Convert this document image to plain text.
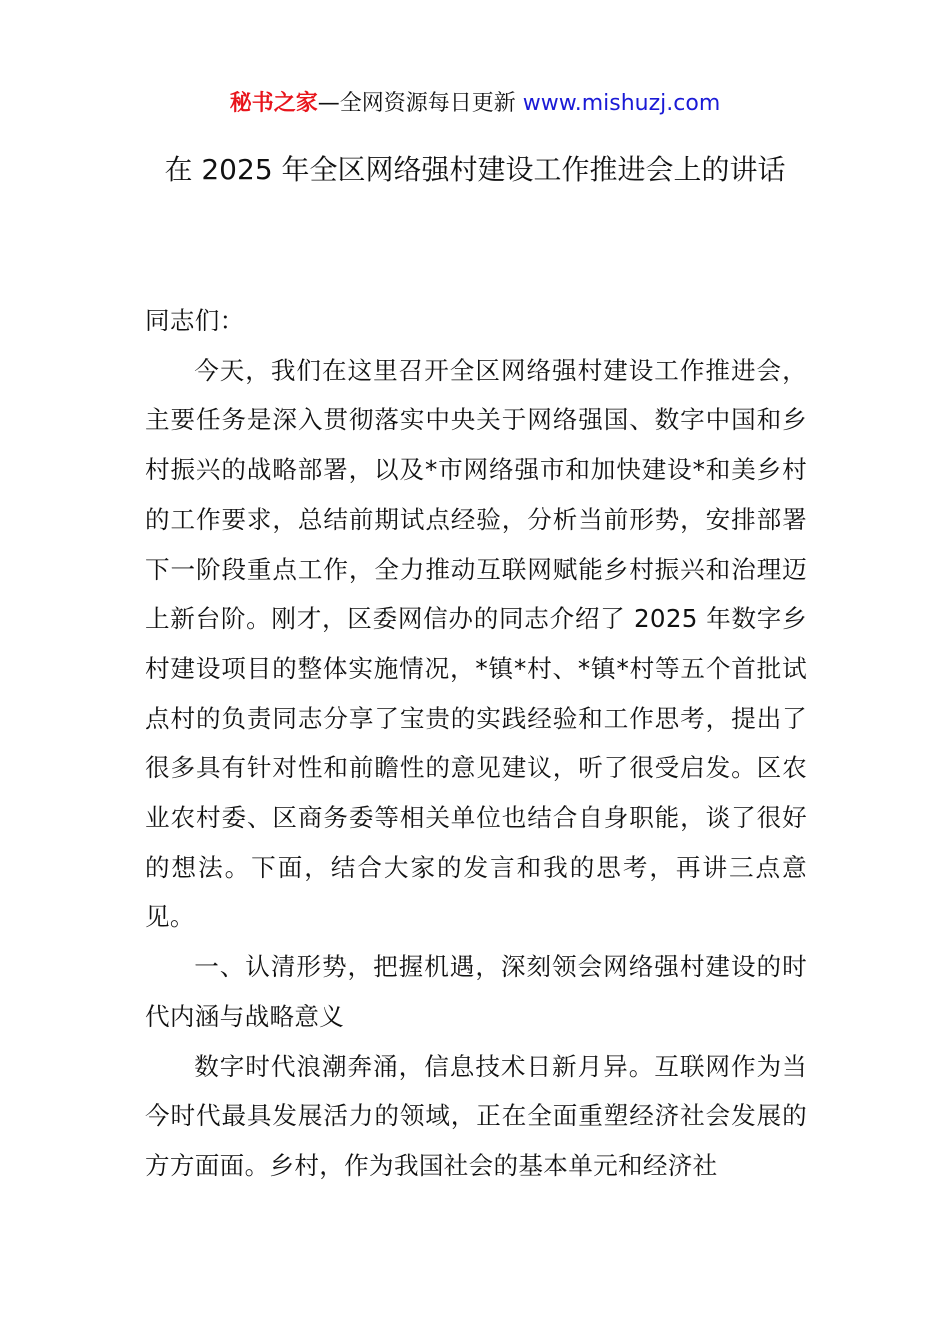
秘书之家—全网资源每日更新 www.mishuzj.com
在 2025 年全区网络强村建设工作推进会上的讲话

同志们：

今天，我们在这里召开全区网络强村建设工作推进会，主要任务是深入贯彻落实中央关于网络强国、数字中国和乡村振兴的战略部署，以及*市网络强市和加快建设*和美乡村的工作要求，总结前期试点经验，分析当前形势，安排部署下一阶段重点工作，全力推动互联网赋能乡村振兴和治理迈上新台阶。刚才，区委网信办的同志介绍了 2025 年数字乡村建设项目的整体实施情况，*镇*村、*镇*村等五个首批试点村的负责同志分享了宝贵的实践经验和工作思考，提出了很多具有针对性和前瞻性的意见建议，听了很受启发。区农业农村委、区商务委等相关单位也结合自身职能，谈了很好的想法。下面，结合大家的发言和我的思考，再讲三点意见。

一、认清形势，把握机遇，深刻领会网络强村建设的时代内涵与战略意义

数字时代浪潮奔涌，信息技术日新月异。互联网作为当今时代最具发展活力的领域，正在全面重塑经济社会发展的方方面面。乡村，作为我国社会的基本单元和经济社
